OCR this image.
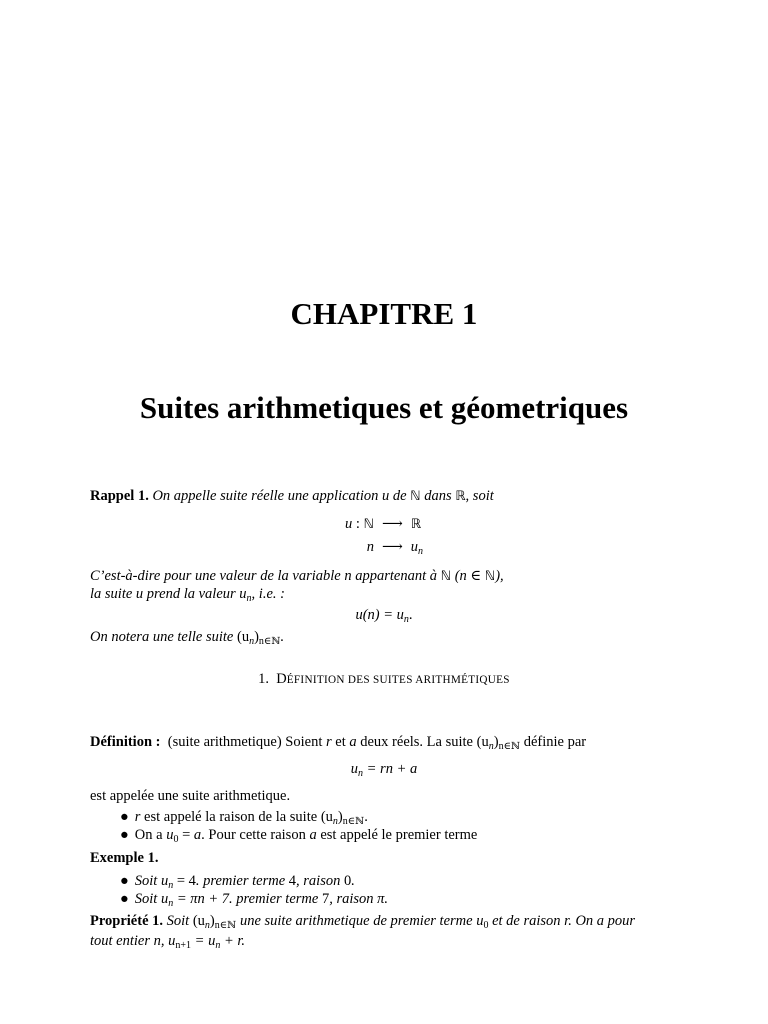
CHAPITRE 1
Suites arithmetiques et géometriques
Rappel 1. On appelle suite réelle une application u de ℕ dans ℝ, soit
u : ℕ	⟶	ℝ
n	⟶	$u_n$
C’est-à-dire pour une valeur de la variable n appartenant à ℕ (n ∈ ℕ),
la suite u prend la valeur $u_n$, i.e. :
$u(n) = u_n$.
On notera une telle suite $(u_n)_{n\in ℕ}$.
1. DÉFINITION DES SUITES ARITHMÉTIQUES
Définition : (suite arithmetique) Soient r et a deux réels. La suite $(u_n)_{n\in ℕ}$ définie par
$u_n$ = rn + a
est appelée une suite arithmetique.
● r est appelé la raison de la suite $(u_n)_{n\in ℕ}$.
● On a $u_0 = a$. Pour cette raison a est appelé le premier terme
Exemple 1.
● Soit $u_n = 4$. premier terme 4, raison 0.
● Soit $u_n = \pi n + 7$. premier terme 7, raison π.
Propriété 1. Soit $(u_n)_{n\in ℕ}$ une suite arithmetique de premier terme $u_0$ et de raison r. On a pour
tout entier n, $u_{n+1} = u_n + r$.
